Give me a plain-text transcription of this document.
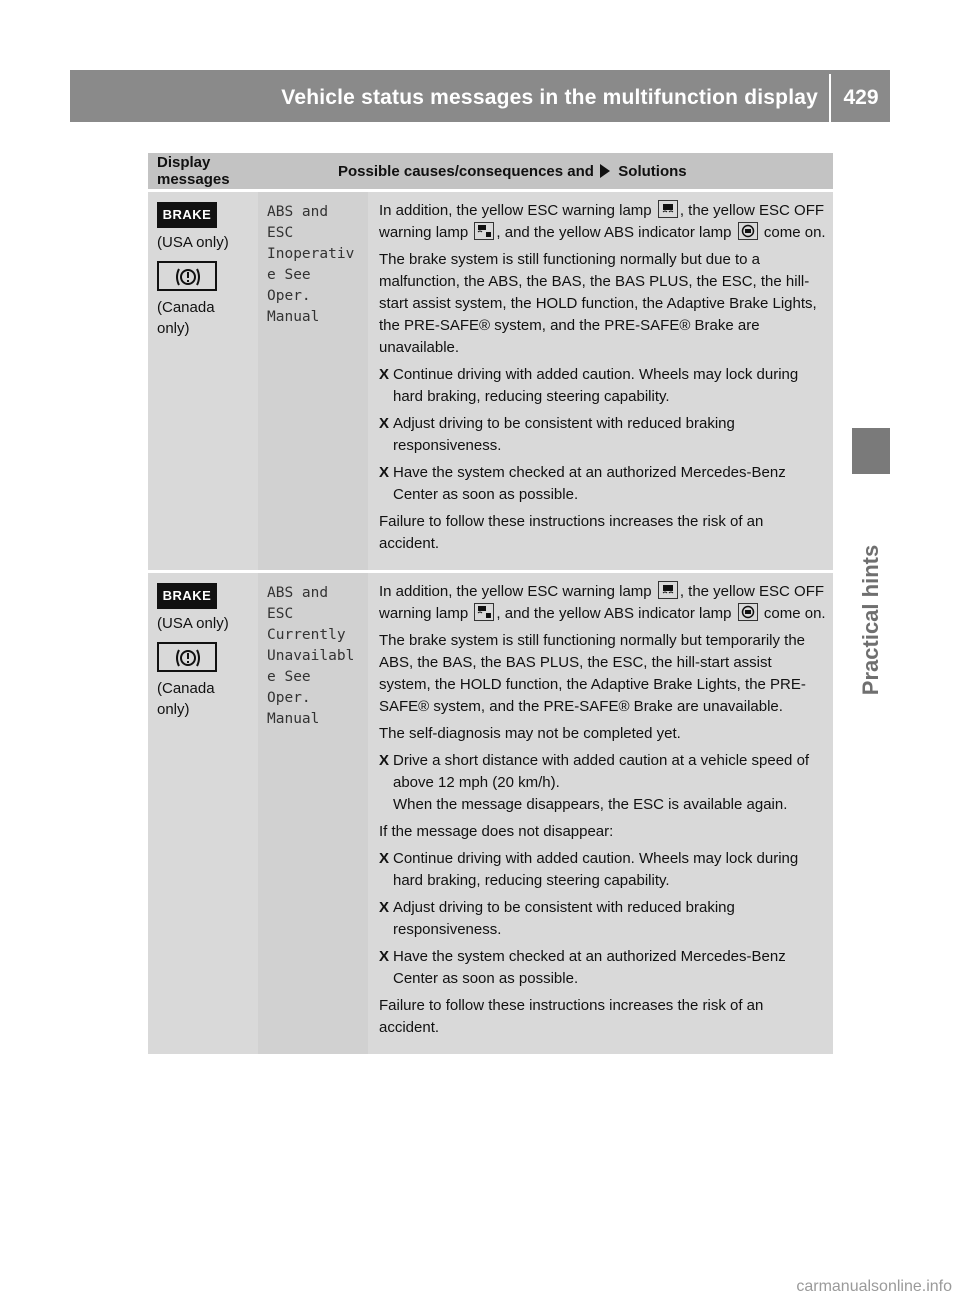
Vehicle status messages in the multifunction display	429
Practical hints
Display messages	Possible causes/consequences and Solutions
BRAKE
(USA only)
(Canada only)
ABS and
ESC
Inoperativ
e See
Oper.
Manual

In addition, the yellow ESC warning lamp , the yellow ESC OFF warning lamp , and the yellow ABS indicator lamp come on.

The brake system is still functioning normally but due to a malfunction, the ABS, the BAS, the BAS PLUS, the ESC, the hill-start assist system, the HOLD function, the Adaptive Brake Lights, the PRE-SAFE® system, and the PRE-SAFE® Brake are unavailable.

X Continue driving with added caution. Wheels may lock during hard braking, reducing steering capability.
X Adjust driving to be consistent with reduced braking responsiveness.
X Have the system checked at an authorized Mercedes-Benz Center as soon as possible.

Failure to follow these instructions increases the risk of an accident.

BRAKE
(USA only)
(Canada only)
ABS and
ESC
Currently
Unavailabl
e See
Oper.
Manual

In addition, the yellow ESC warning lamp , the yellow ESC OFF warning lamp , and the yellow ABS indicator lamp come on.

The brake system is still functioning normally but temporarily the ABS, the BAS, the BAS PLUS, the ESC, the hill-start assist system, the HOLD function, the Adaptive Brake Lights, the PRE-SAFE® system, and the PRE-SAFE® Brake are unavailable.

The self-diagnosis may not be completed yet.

X Drive a short distance with added caution at a vehicle speed of above 12 mph (20 km/h).
When the message disappears, the ESC is available again.

If the message does not disappear:

X Continue driving with added caution. Wheels may lock during hard braking, reducing steering capability.
X Adjust driving to be consistent with reduced braking responsiveness.
X Have the system checked at an authorized Mercedes-Benz Center as soon as possible.

Failure to follow these instructions increases the risk of an accident.

carmanualsonline.info
